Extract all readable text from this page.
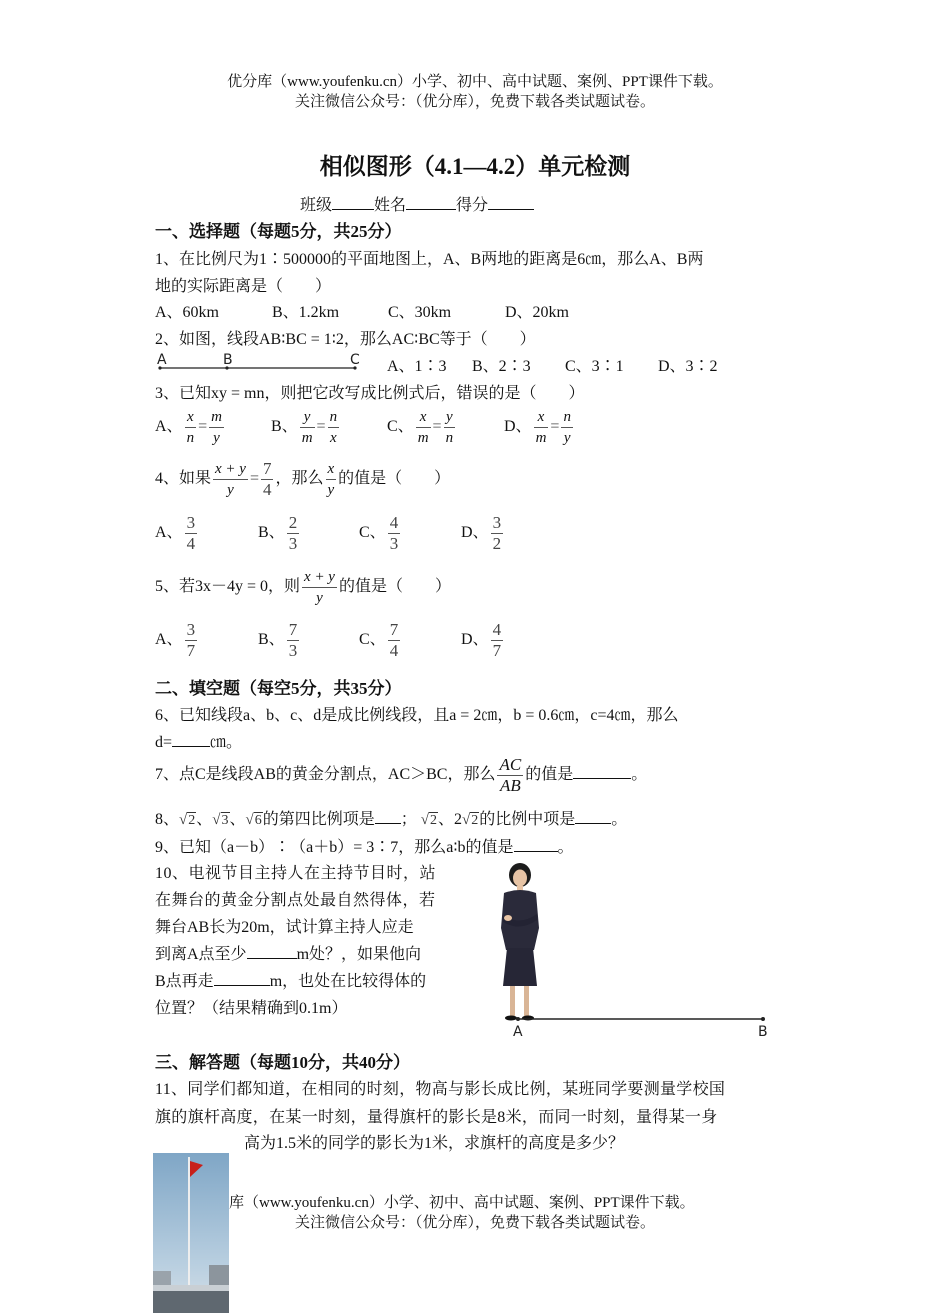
优分库（www.youfenku.cn）小学、初中、高中试题、案例、PPT课件下载。
关注微信公众号：（优分库），免费下载各类试题试卷。
相似图形（4.1—4.2）单元检测
班级	姓名	得分
一、选择题（每题5分，共25分）
1、在比例尺为1∶500000的平面地图上，A、B两地的距离是6㎝，那么A、B两
地的实际距离是（　　）
A、60km	B、1.2km	C、30km	D、20km
2、如图，线段AB∶BC = 1∶2，那么AC∶BC等于（　　）
A	B	C A、1∶3 B、2∶3 C、3∶1 D、3∶2
3、已知xy = mn，则把它改写成比例式后，错误的是（　　）
A、 $\frac{x}{n} = \frac{m}{y}$	B、 $\frac{y}{m} = \frac{n}{x}$	C、 $\frac{x}{m} = \frac{y}{n}$	D、 $\frac{x}{m} = \frac{n}{y}$
4、如果 $\frac{x + y}{y} = \frac{7}{4}$ ，那么 $\frac{x}{y}$ 的值是（　　）
A、 $\frac{3}{4}$	B、 $\frac{2}{3}$	C、 $\frac{4}{3}$	D、 $\frac{3}{2}$
5、若3x－4y = 0，则 $\frac{x + y}{y}$ 的值是（　　）
A、 $\frac{3}{7}$	B、 $\frac{7}{3}$	C、 $\frac{7}{4}$	D、 $\frac{4}{7}$
二、填空题（每空5分，共35分）
6、已知线段a、b、c、d是成比例线段，且a = 2㎝，b = 0.6㎝，c=4㎝，那么
d= ㎝。
7、点C是线段AB的黄金分割点，AC＞BC，那么 $\frac{AC}{AB}$ 的值是	。
8、√2、√3、√6的第四比例项是 ； √2、2√2的比例中项是 。
9、已知（a－b）∶（a＋b）= 3∶7，那么a∶b的值是	。
10、电视节目主持人在主持节目时，站
在舞台的黄金分割点处最自然得体，若
舞台AB长为20m，试计算主持人应走
到离A点至少	m处？，如果他向
B点再走	m，也处在比较得体的
位置？（结果精确到0.1m）
A	B
三、解答题（每题10分，共40分）
11、同学们都知道，在相同的时刻，物高与影长成比例，某班同学要测量学校国
旗的旗杆高度，在某一时刻，量得旗杆的影长是8米，而同一时刻，量得某一身
高为1.5米的同学的影长为1米，求旗杆的高度是多少？
库（www.youfenku.cn）小学、初中、高中试题、案例、PPT课件下载。
关注微信公众号：（优分库），免费下载各类试题试卷。
